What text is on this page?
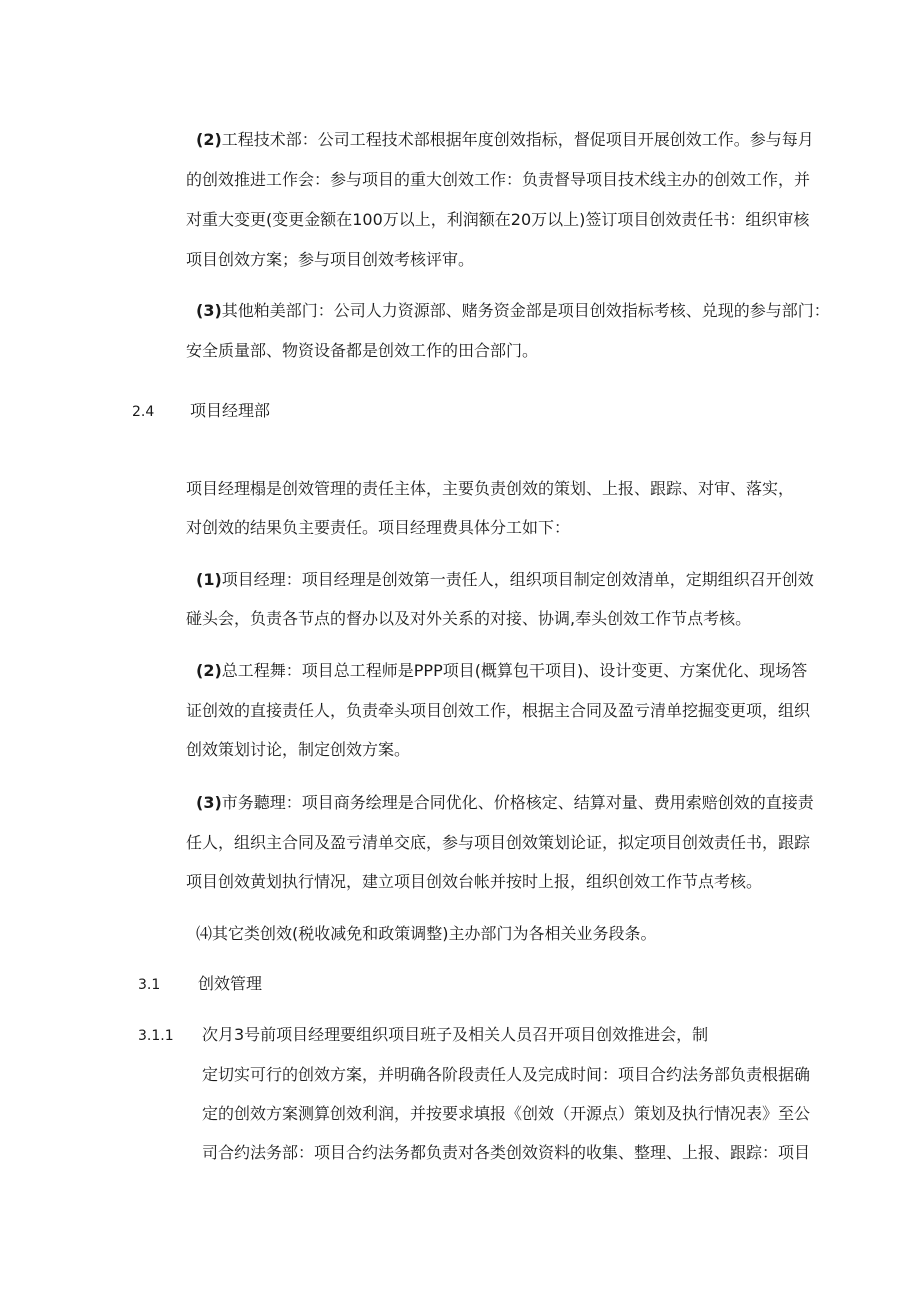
(2)工程技术部：公司工程技术部根据年度创效指标，督促项目开展创效工作。参与每月
的创效推进工作会：参与项目的重大创效工作：负责督导项目技术线主办的创效工作，并
对重大变更(变更金额在100万以上，利润额在20万以上)签订项目创效责任书：组织审核
项目创效方案；参与项目创效考核评审。
(3)其他粕美部门：公司人力资源部、赌务资金部是项目创效指标考核、兑现的参与部门：
安全质量部、物资设备都是创效工作的田合部门。
2.4 项目经理部
项目经理榻是创效管理的责任主体，主要负责创效的策划、上报、跟踪、对审、落实，
对创效的结果负主要责任。项目经理费具体分工如下：
(1)项目经理：项目经理是创效第一责任人，组织项目制定创效清单，定期组织召开创效
碰头会，负责各节点的督办以及对外关系的对接、协调,奉头创效工作节点考核。
(2)总工程舞：项目总工程师是PPP项目(概算包干项目)、设计变更、方案优化、现场答
证创效的直接责任人，负责牵头项目创效工作，根据主合同及盈亏清单挖掘变更项，组织
创效策划讨论，制定创效方案。
(3)市务聽理：项目商务绘理是合同优化、价格核定、结算对量、费用索赔创效的直接责
任人，组织主合同及盈亏清单交底，参与项目创效策划论证，拟定项目创效责任书，跟踪
项目创效黄划执行情况，建立项目创效台帐并按时上报，组织创效工作节点考核。
⑷其它类创效(税收减免和政策调整)主办部门为各相关业务段条。
3.1 创效管理
3.1.1 次月3号前项目经理要组织项目班子及相关人员召开项目创效推进会，制
定切实可行的创效方案，并明确各阶段责任人及完成时间：项目合约法务部负责根据确
定的创效方案测算创效利润，并按要求填报《创效（开源点）策划及执行情况表》至公
司合约法务部：项目合约法务都负责对各类创效资料的收集、整理、上报、跟踪：项目
